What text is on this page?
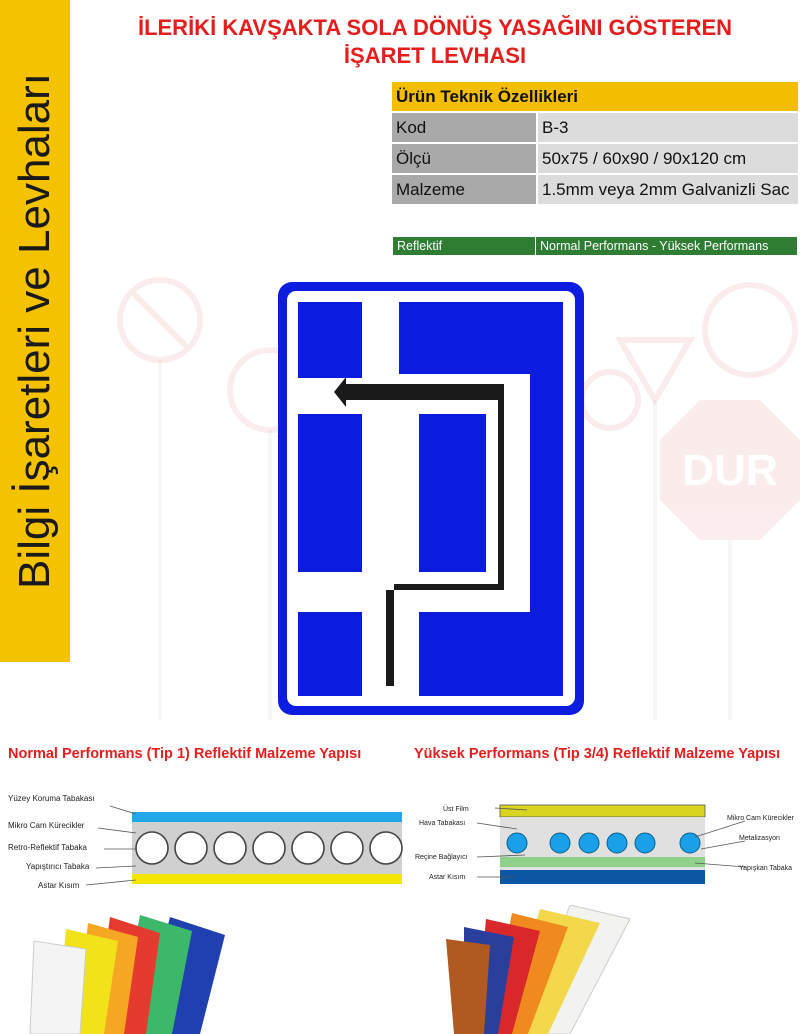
Bilgi İşaretleri ve Levhaları
İLERİKİ KAVŞAKTA SOLA DÖNÜŞ YASAĞINI GÖSTEREN
İŞARET LEVHASI
Ürün Teknik Özellikleri	
Kod	B-3
Ölçü	50x75 / 60x90 / 90x120 cm
Malzeme	1.5mm veya 2mm Galvanizli Sac
Reflektif	Normal Performans - Yüksek Performans
DUR
Normal Performans (Tip 1) Reflektif Malzeme Yapısı	Yüksek Performans (Tip 3/4) Reflektif Malzeme Yapısı
Yüzey Koruma Tabakası
Mikro Cam Kürecikler
Retro-Reflektif Tabaka
Yapıştırıcı Tabaka
Astar Kısım
Üst Film
Hava Tabakası
Reçine Bağlayıcı
Astar Kısım
Mikro Cam Kürecikler
Metalizasyon
Yapışkan Tabaka
